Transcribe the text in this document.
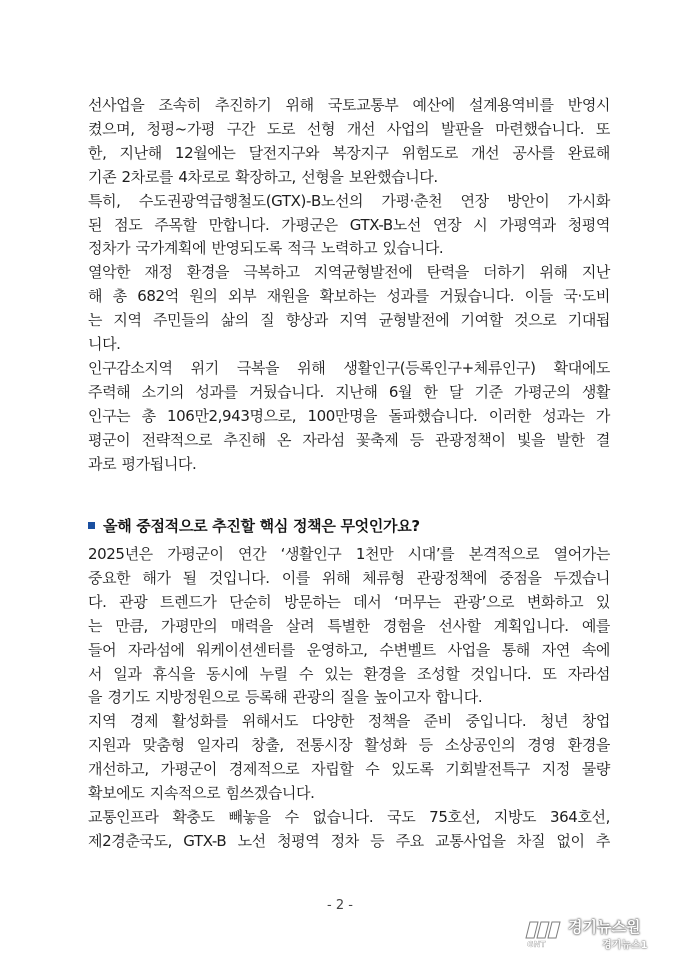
선사업을 조속히 추진하기 위해 국토교통부 예산에 설계용역비를 반영시
켰으며, 청평~가평 구간 도로 선형 개선 사업의 발판을 마련했습니다. 또
한, 지난해 12월에는 달전지구와 복장지구 위험도로 개선 공사를 완료해
기존 2차로를 4차로로 확장하고, 선형을 보완했습니다.
특히, 수도권광역급행철도(GTX)-B노선의 가평·춘천 연장 방안이 가시화
된 점도 주목할 만합니다. 가평군은 GTX-B노선 연장 시 가평역과 청평역
정차가 국가계획에 반영되도록 적극 노력하고 있습니다.
열악한 재정 환경을 극복하고 지역균형발전에 탄력을 더하기 위해 지난
해 총 682억 원의 외부 재원을 확보하는 성과를 거뒀습니다. 이들 국·도비
는 지역 주민들의 삶의 질 향상과 지역 균형발전에 기여할 것으로 기대됩
니다.
인구감소지역 위기 극복을 위해 생활인구(등록인구+체류인구) 확대에도
주력해 소기의 성과를 거뒀습니다. 지난해 6월 한 달 기준 가평군의 생활
인구는 총 106만2,943명으로, 100만명을 돌파했습니다. 이러한 성과는 가
평군이 전략적으로 추진해 온 자라섬 꽃축제 등 관광정책이 빛을 발한 결
과로 평가됩니다.
올해 중점적으로 추진할 핵심 정책은 무엇인가요?
2025년은 가평군이 연간 ‘생활인구 1천만 시대’를 본격적으로 열어가는
중요한 해가 될 것입니다. 이를 위해 체류형 관광정책에 중점을 두겠습니
다. 관광 트렌드가 단순히 방문하는 데서 ‘머무는 관광’으로 변화하고 있
는 만큼, 가평만의 매력을 살려 특별한 경험을 선사할 계획입니다. 예를
들어 자라섬에 워케이션센터를 운영하고, 수변벨트 사업을 통해 자연 속에
서 일과 휴식을 동시에 누릴 수 있는 환경을 조성할 것입니다. 또 자라섬
을 경기도 지방정원으로 등록해 관광의 질을 높이고자 합니다.
지역 경제 활성화를 위해서도 다양한 정책을 준비 중입니다. 청년 창업
지원과 맞춤형 일자리 창출, 전통시장 활성화 등 소상공인의 경영 환경을
개선하고, 가평군이 경제적으로 자립할 수 있도록 기회발전특구 지정 물량
확보에도 지속적으로 힘쓰겠습니다.
교통인프라 확충도 빼놓을 수 없습니다. 국도 75호선, 지방도 364호선,
제2경춘국도, GTX-B 노선 청평역 정차 등 주요 교통사업을 차질 없이 추
- 2 -
GNT
경기뉴스원
경기뉴스1
